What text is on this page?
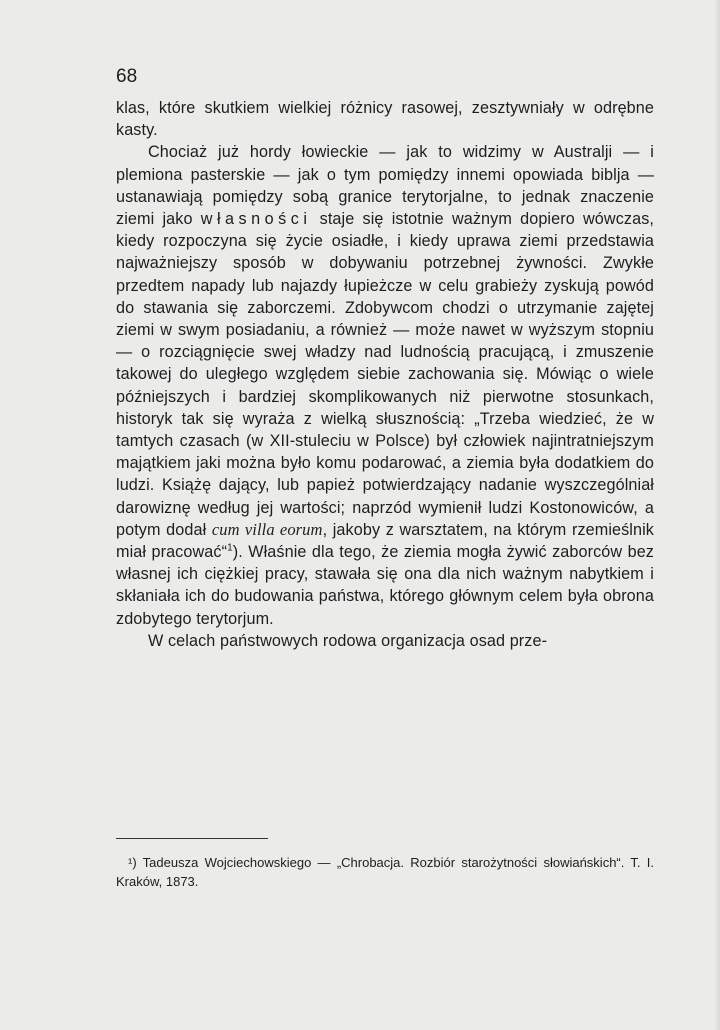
68

klas, które skutkiem wielkiej różnicy rasowej, zesztywniały w odrębne kasty.

Chociaż już hordy łowieckie — jak to widzimy w Australji — i plemiona pasterskie — jak o tym pomiędzy innemi opowiada biblja — ustanawiają pomiędzy sobą granice terytorjalne, to jednak znaczenie ziemi jako własności staje się istotnie ważnym dopiero wówczas, kiedy rozpoczyna się życie osiadłe, i kiedy uprawa ziemi przedstawia najważniejszy sposób w dobywaniu potrzebnej żywności. Zwykłe przedtem napady lub najazdy łupieżcze w celu grabieży zyskują powód do stawania się zaborczemi. Zdobywcom chodzi o utrzymanie zajętej ziemi w swym posiadaniu, a również — może nawet w wyższym stopniu — o rozciągnięcie swej władzy nad ludnością pracującą, i zmuszenie takowej do uległego względem siebie zachowania się. Mówiąc o wiele późniejszych i bardziej skomplikowanych niż pierwotne stosunkach, historyk tak się wyraża z wielką słusznością: „Trzeba wiedzieć, że w tamtych czasach (w XII-stuleciu w Polsce) był człowiek najintratniejszym majątkiem jaki można było komu podarować, a ziemia była dodatkiem do ludzi. Książę dający, lub papież potwierdzający nadanie wyszczególniał darowiznę według jej wartości; naprzód wymienił ludzi Kostonowiców, a potym dodał cum villa eorum, jakoby z warsztatem, na którym rzemieślnik miał pracować“$^1$). Właśnie dla tego, że ziemia mogła żywić zaborców bez własnej ich ciężkiej pracy, stawała się ona dla nich ważnym nabytkiem i skłaniała ich do budowania państwa, którego głównym celem była obrona zdobytego terytorjum.

W celach państwowych rodowa organizacja osad prze-

¹) Tadeusza Wojciechowskiego — „Chrobacja. Rozbiór starożytności słowiańskich“. T. I. Kraków, 1873.
